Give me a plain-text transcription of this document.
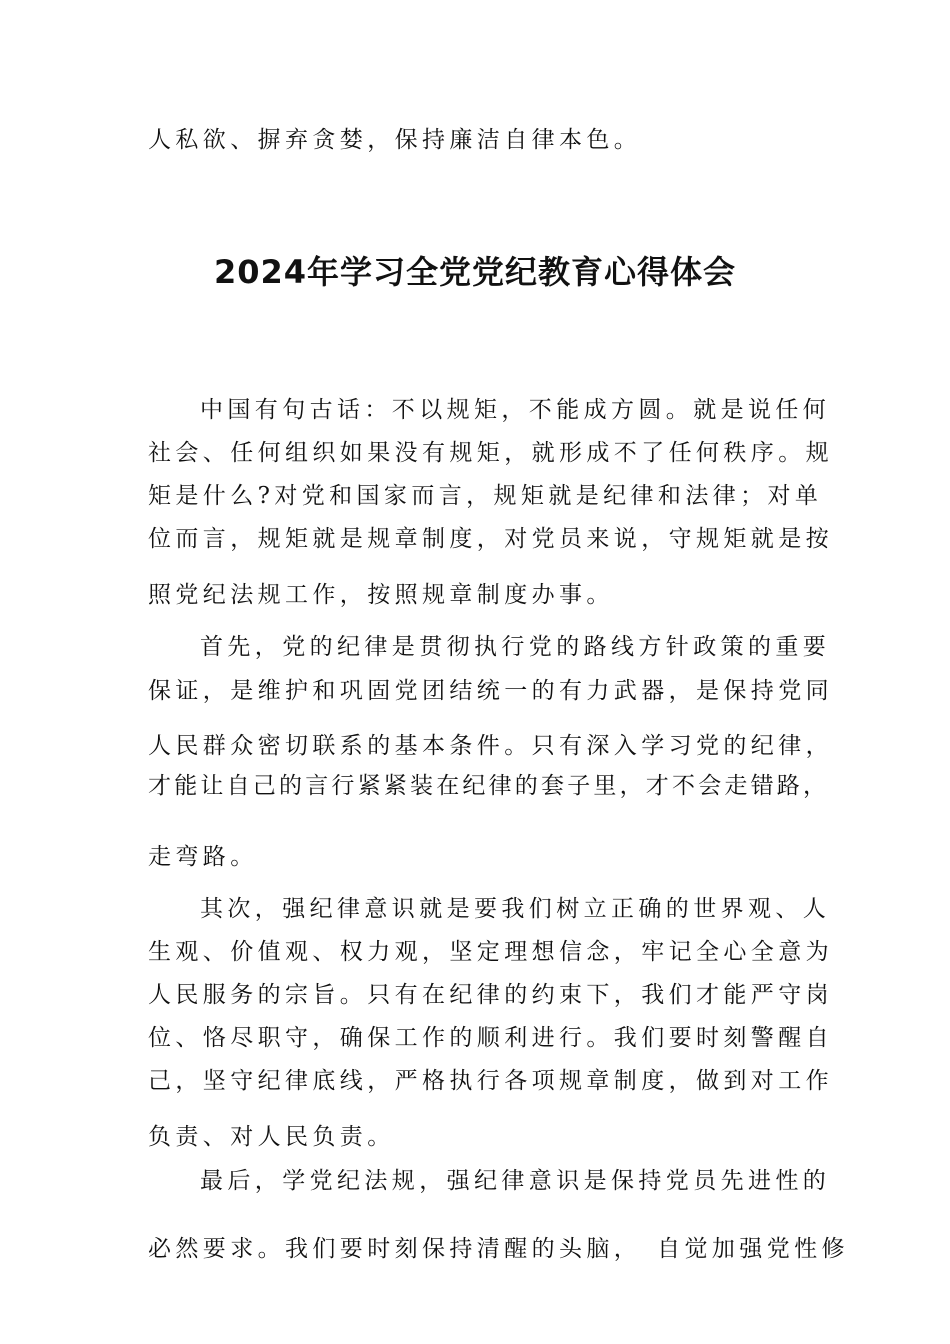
人私欲、摒弃贪婪，保持廉洁自律本色。
2024年学习全党党纪教育心得体会
中国有句古话：不以规矩，不能成方圆。就是说任何
社会、任何组织如果没有规矩，就形成不了任何秩序。规
矩是什么?对党和国家而言，规矩就是纪律和法律；对单
位而言，规矩就是规章制度，对党员来说，守规矩就是按
照党纪法规工作，按照规章制度办事。
首先，党的纪律是贯彻执行党的路线方针政策的重要
保证，是维护和巩固党团结统一的有力武器，是保持党同
人民群众密切联系的基本条件。只有深入学习党的纪律，
才能让自己的言行紧紧装在纪律的套子里，才不会走错路，
走弯路。
其次，强纪律意识就是要我们树立正确的世界观、人
生观、价值观、权力观，坚定理想信念，牢记全心全意为
人民服务的宗旨。只有在纪律的约束下，我们才能严守岗
位、恪尽职守，确保工作的顺利进行。我们要时刻警醒自
己，坚守纪律底线，严格执行各项规章制度，做到对工作
负责、对人民负责。
最后，学党纪法规，强纪律意识是保持党员先进性的
必然要求。我们要时刻保持清醒的头脑，　自觉加强党性修
